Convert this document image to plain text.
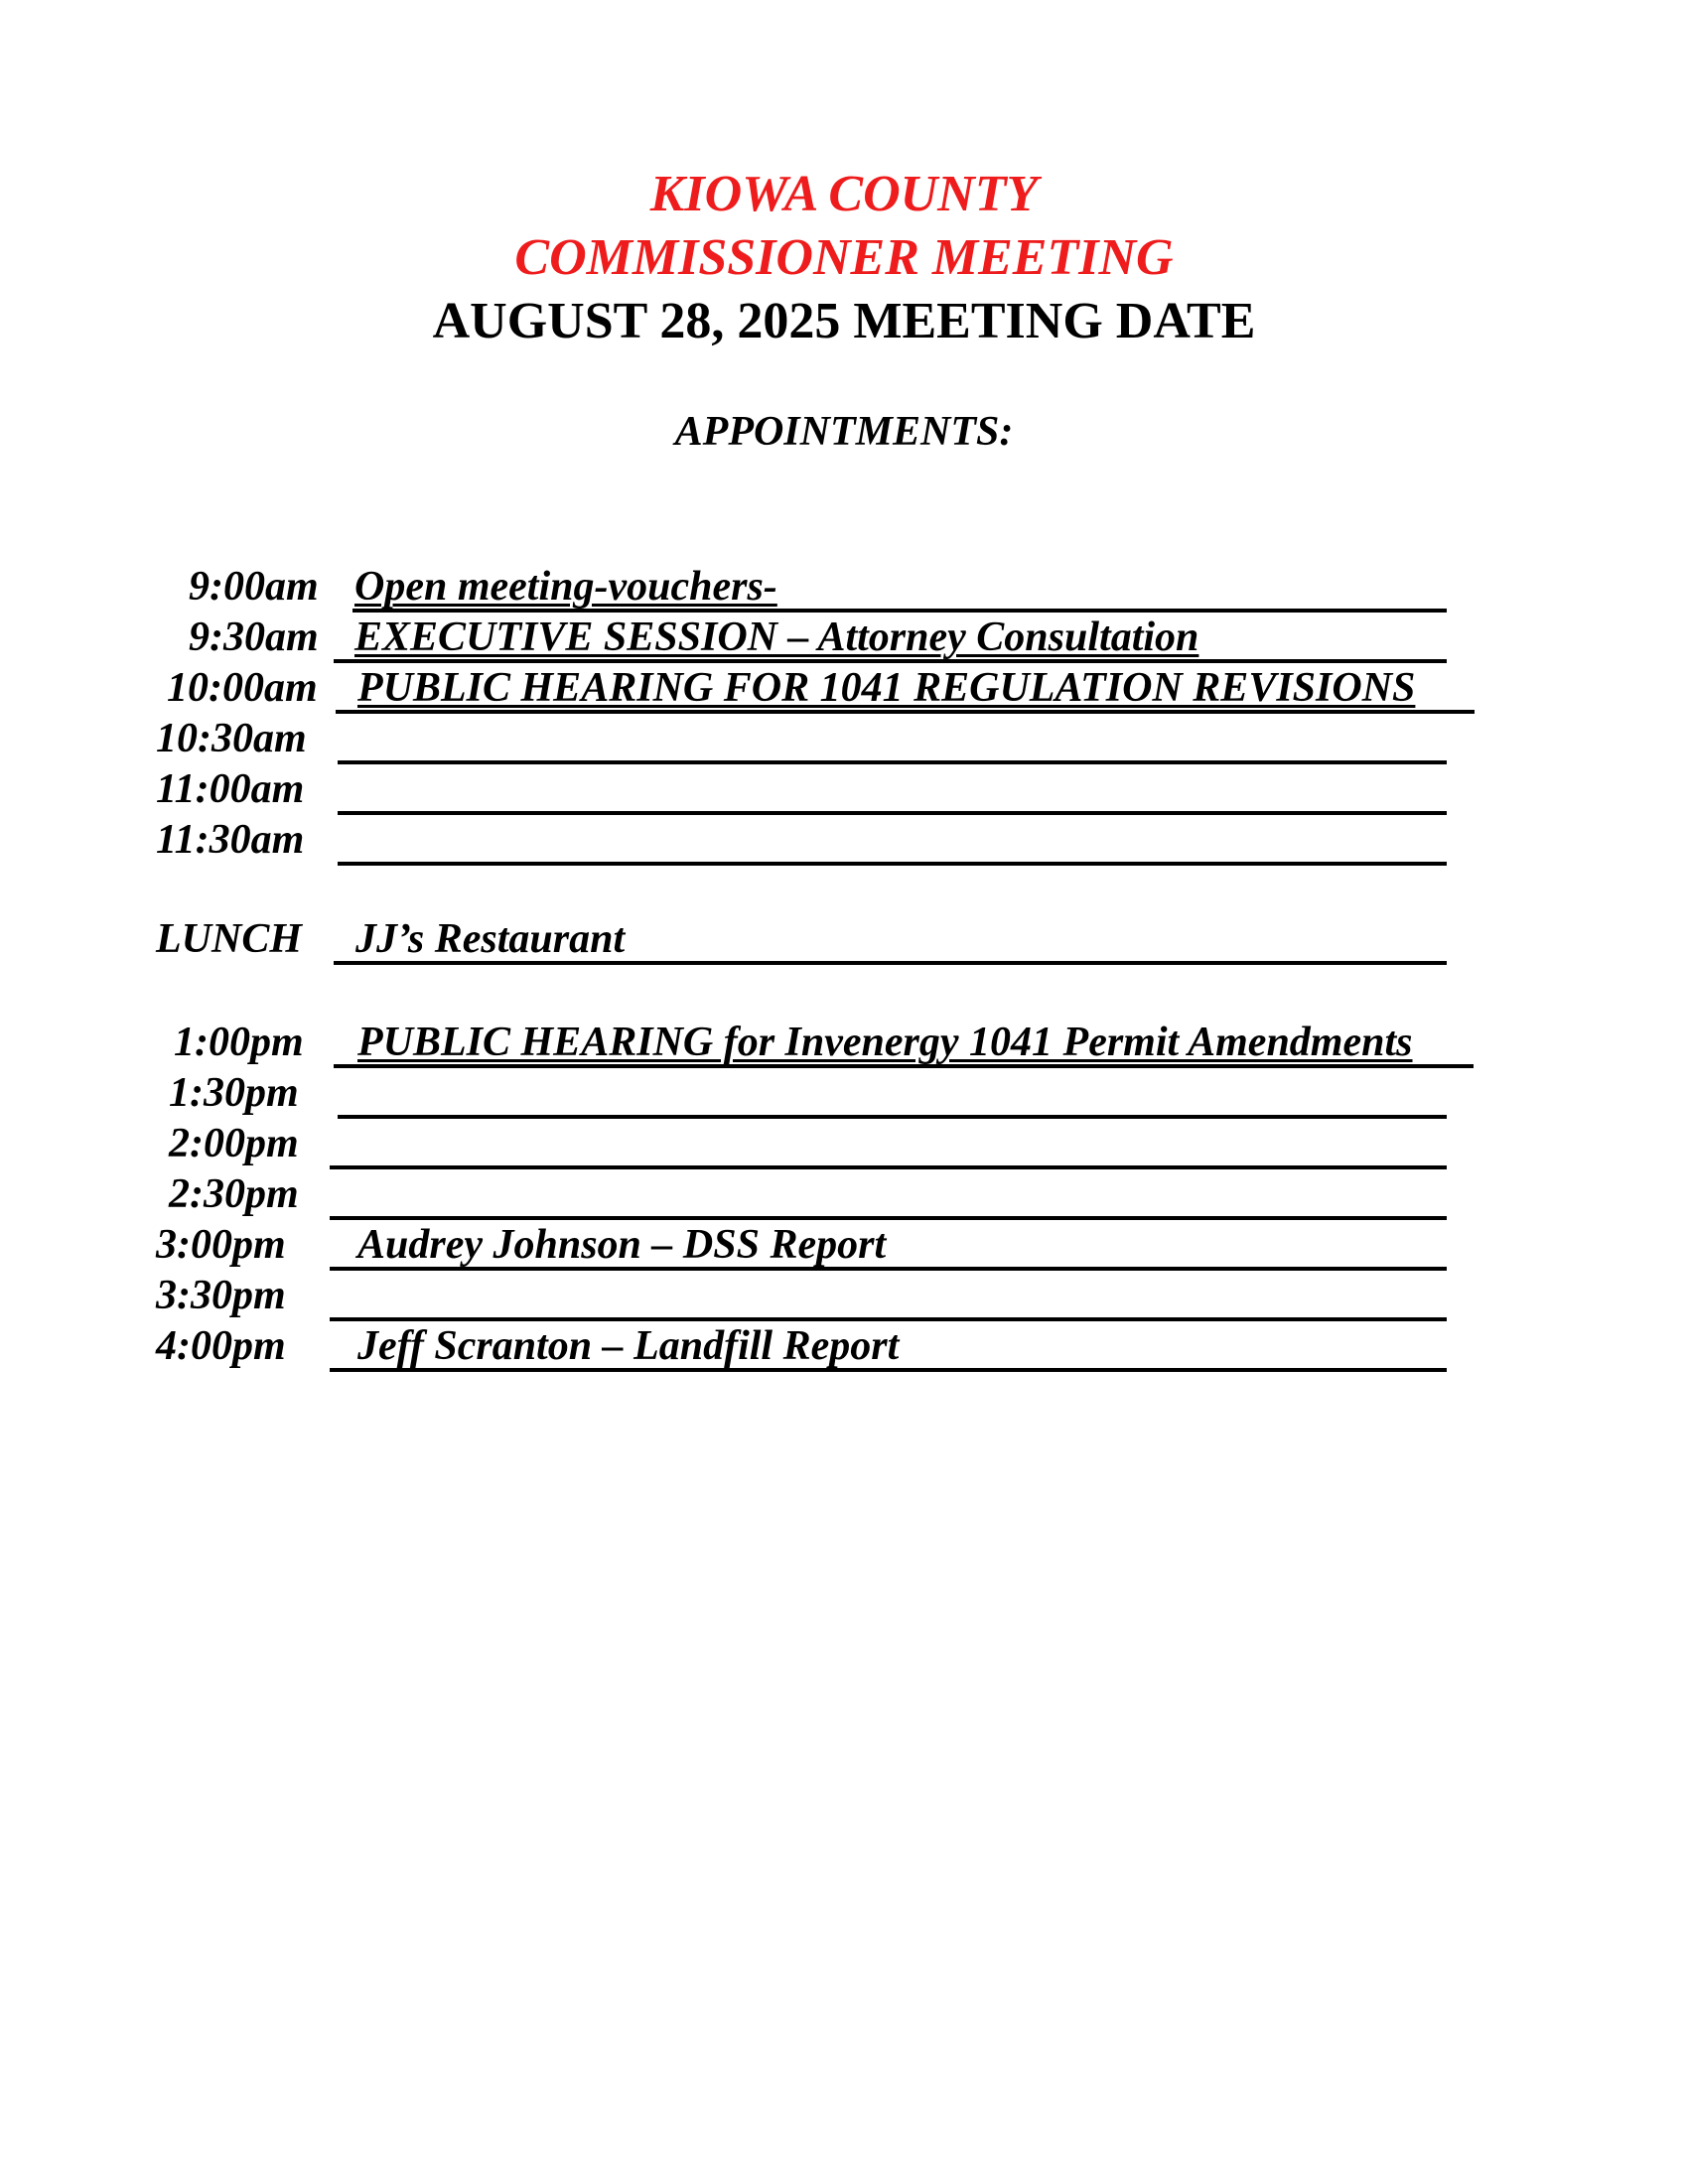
KIOWA COUNTY
COMMISSIONER MEETING
AUGUST 28, 2025 MEETING DATE
APPOINTMENTS:
9:00am Open meeting-vouchers-
9:30am EXECUTIVE SESSION – Attorney Consultation
10:00am PUBLIC HEARING FOR 1041 REGULATION REVISIONS
10:30am
11:00am
11:30am
LUNCH JJ’s Restaurant
1:00pm PUBLIC HEARING for Invenergy 1041 Permit Amendments
1:30pm
2:00pm
2:30pm
3:00pm Audrey Johnson – DSS Report
3:30pm
4:00pm Jeff Scranton – Landfill Report
